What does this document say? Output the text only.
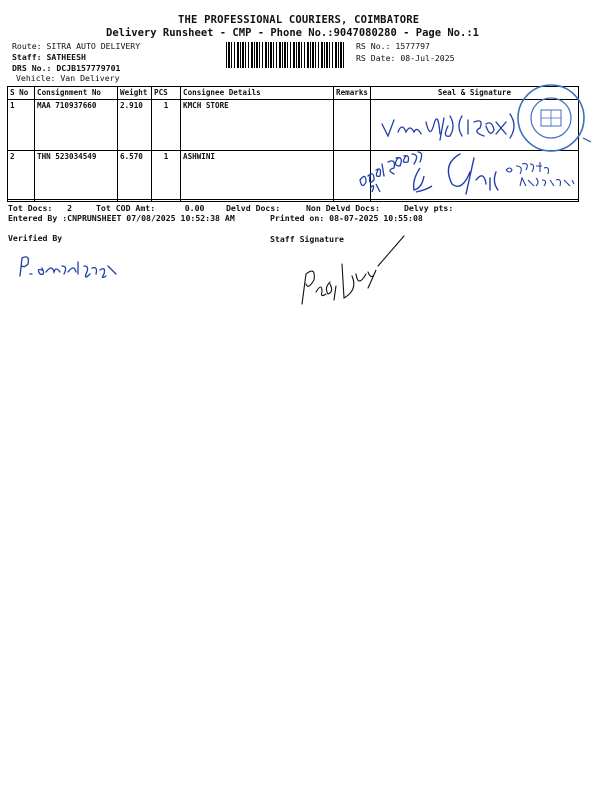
THE PROFESSIONAL COURIERS, COIMBATORE
Delivery Runsheet - CMP - Phone No.:9047080280 - Page No.:1
Route: SITRA AUTO DELIVERY
Staff: SATHEESH
DRS No.: DCJB157779701
Vehicle: Van Delivery
RS No.: 1577797
RS Date: 08-Jul-2025
S No	Consignment No	Weight	PCS	Consignee Details	Remarks	Seal & Signature
1	MAA 710937660	2.910	1	KMCH STORE		
2	THN 523034549	6.570	1	ASHWINI		
Tot Docs:   2	Tot COD Amt:      0.00	Delvd Docs:	Non Delvd Docs:	Delvy pts:
Entered By :CNPRUNSHEET 07/08/2025 10:52:38 AM	Printed on: 08-07-2025 10:55:08
Verified By	Staff Signature
